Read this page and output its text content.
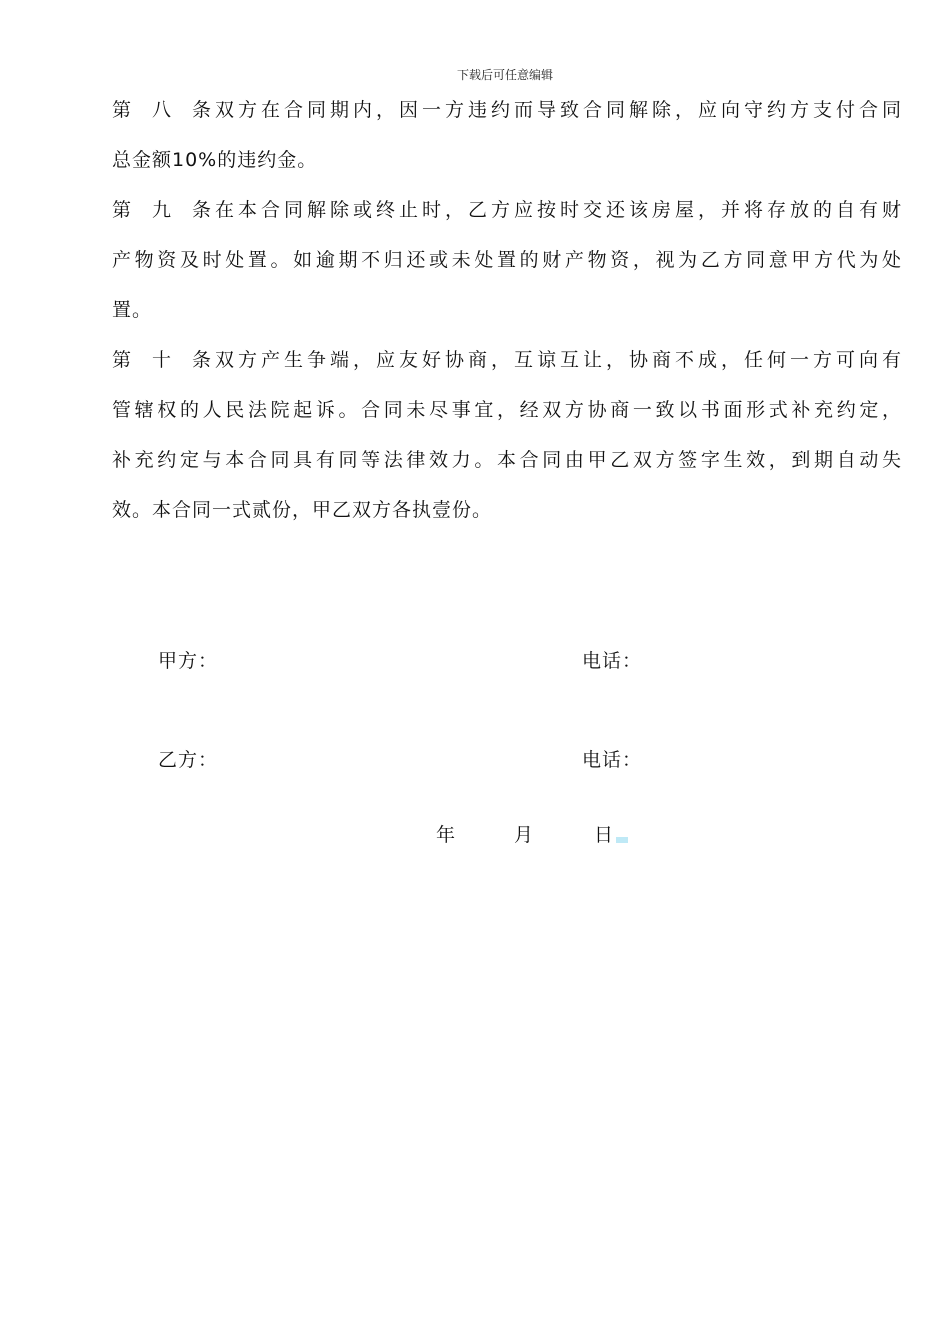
下载后可任意编辑
第八条双方在合同期内，因一方违约而导致合同解除，应向守约方支付合同
总金额10%的违约金。
第九条在本合同解除或终止时，乙方应按时交还该房屋，并将存放的自有财
产物资及时处置。如逾期不归还或未处置的财产物资，视为乙方同意甲方代为处
置。
第十条双方产生争端，应友好协商，互谅互让，协商不成，任何一方可向有
管辖权的人民法院起诉。合同未尽事宜，经双方协商一致以书面形式补充约定，
补充约定与本合同具有同等法律效力。本合同由甲乙双方签字生效，到期自动失
效。本合同一式贰份，甲乙双方各执壹份。
甲方：	电话：
乙方：	电话：
年	月	日
